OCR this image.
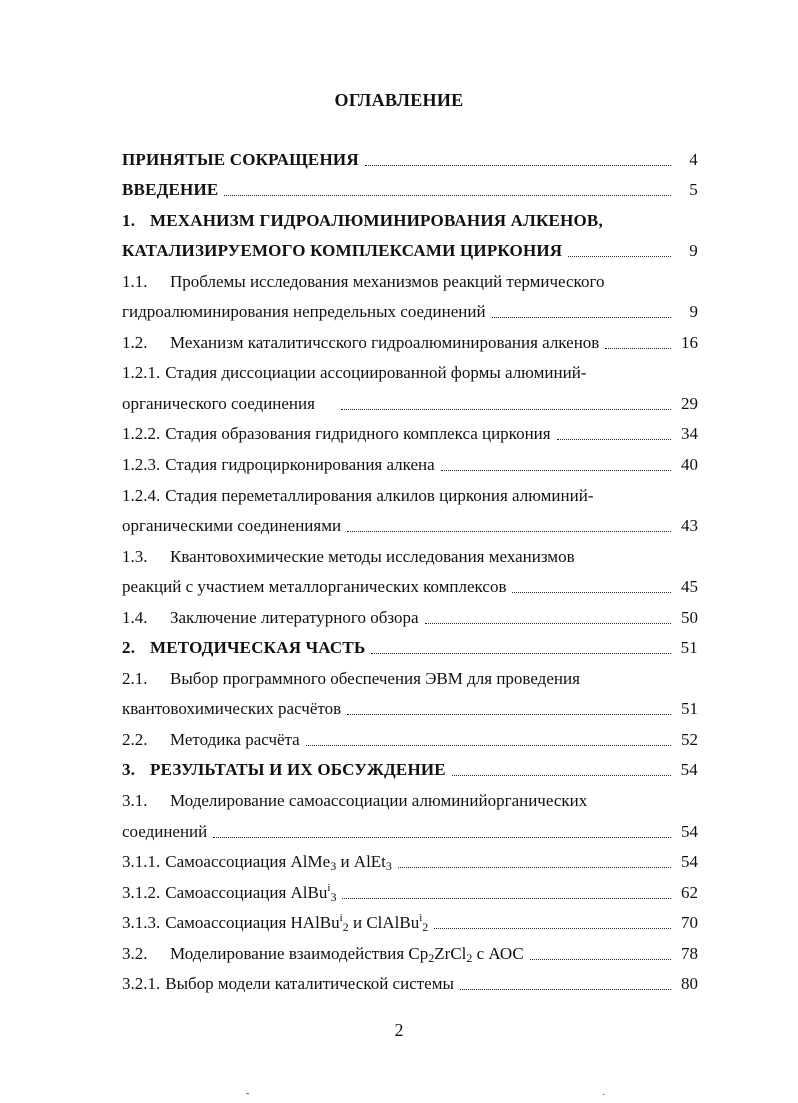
ОГЛАВЛЕНИЕ
ПРИНЯТЫЕ СОКРАЩЕНИЯ	4
ВВЕДЕНИЕ	5
1. МЕХАНИЗМ ГИДРОАЛЮМИНИРОВАНИЯ АЛКЕНОВ,
КАТАЛИЗИРУЕМОГО КОМПЛЕКСАМИ ЦИРКОНИЯ	9
1.1.	Проблемы исследования механизмов реакций термического
гидроалюминирования непредельных соединений	9
1.2.	Механизм каталитичсского гидроалюминирования алкенов	16
1.2.1. Стадия диссоциации ассоциированной формы алюминий-
органического соединения	29
1.2.2. Стадия образования гидридного комплекса циркония	34
1.2.3. Стадия гидроцирконирования алкена	40
1.2.4. Стадия переметаллирования алкилов циркония алюминий-
органическими соединениями	43
1.3.	Квантовохимические методы исследования механизмов
реакций с участием металлорганических комплексов	45
1.4.	Заключение литературного обзора	50
2. МЕТОДИЧЕСКАЯ ЧАСТЬ	51
2.1.	Выбор программного обеспечения ЭВМ для проведения
квантовохимических расчётов	51
2.2.	Методика расчёта	52
3. РЕЗУЛЬТАТЫ И ИХ ОБСУЖДЕНИЕ	54
3.1.	Моделирование самоассоциации алюминийорганических
соединений	54
3.1.1. Самоассоциация AlMe$_3$ и AlEt$_3$	54
3.1.2. Самоассоциация AlBu$^i_3$	62
3.1.3. Самоассоциация HAlBu$^i_2$ и ClAlBu$^i_2$	70
3.2.	Моделирование взаимодействия $Cp_2ZrCl_2$ с АОС	78
3.2.1. Выбор модели каталитической системы	80
2
-	·
